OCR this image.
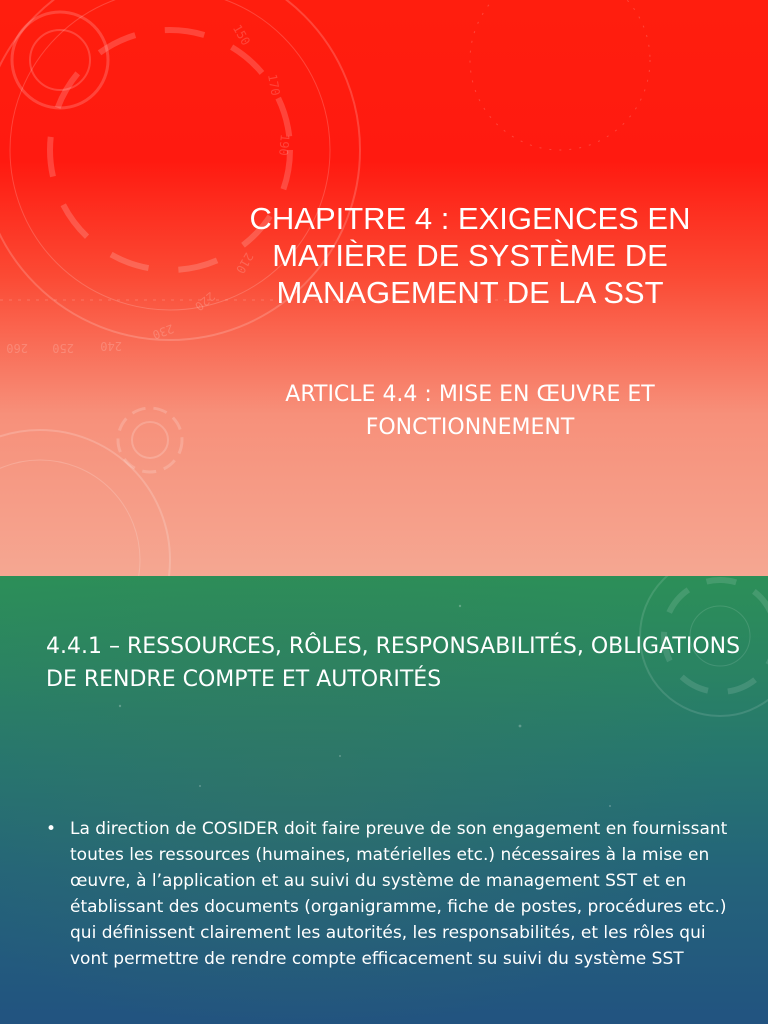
260 250 240
230
220
210
190
170
150
CHAPITRE 4 : EXIGENCES EN MATIÈRE DE SYSTÈME DE MANAGEMENT DE LA SST
ARTICLE 4.4 : MISE EN ŒUVRE ET FONCTIONNEMENT
4.4.1 – RESSOURCES, RÔLES, RESPONSABILITÉS, OBLIGATIONS DE RENDRE COMPTE ET AUTORITÉS
• La direction de COSIDER doit faire preuve de son engagement en fournissant toutes les ressources (humaines, matérielles etc.) nécessaires à la mise en œuvre, à l’application et au suivi du système de management SST et en établissant des documents (organigramme, fiche de postes, procédures etc.) qui définissent clairement les autorités, les responsabilités, et les rôles qui vont permettre de rendre compte efficacement su suivi du système SST
